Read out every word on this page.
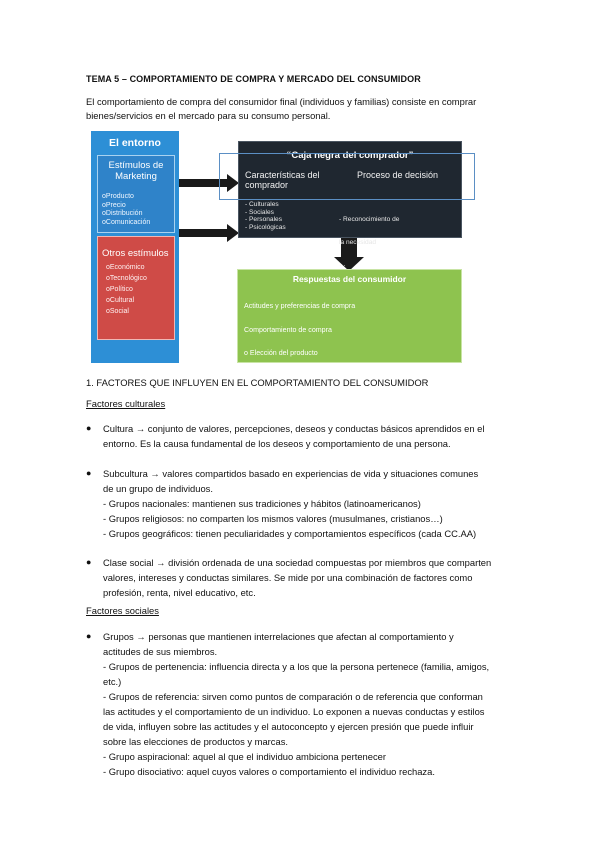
TEMA 5 – COMPORTAMIENTO DE COMPRA Y MERCADO DEL CONSUMIDOR

El comportamiento de compra del consumidor final (individuos y familias) consiste en comprar bienes/servicios en el mercado para su consumo personal.

El entorno
Estímulos de Marketing
oProducto
oPrecio
oDistribución
oComunicación
Otros estímulos
oEconómico
oTecnológico
oPolítico
oCultural
oSocial
“Caja negra del comprador”
Características del comprador
Proceso de decisión
- Culturales
- Sociales
- Personales
- Psicológicas

- Reconocimiento de

la necesidad

…

Respuestas del consumidor

Actitudes y preferencias de compra

Comportamiento de compra

o Elección del producto

1. FACTORES QUE INFLUYEN EN EL COMPORTAMIENTO DEL CONSUMIDOR
Factores culturales
●	Cultura → conjunto de valores, percepciones, deseos y conductas básicos aprendidos en el
entorno. Es la causa fundamental de los deseos y comportamiento de una persona.
●	Subcultura → valores compartidos basado en experiencias de vida y situaciones comunes
de un grupo de individuos.
- Grupos nacionales: mantienen sus tradiciones y hábitos (latinoamericanos)
- Grupos religiosos: no comparten los mismos valores (musulmanes, cristianos…)
- Grupos geográficos: tienen peculiaridades y comportamientos específicos (cada CC.AA)
●	Clase social → división ordenada de una sociedad compuestas por miembros que comparten
valores, intereses y conductas similares. Se mide por una combinación de factores como
profesión, renta, nivel educativo, etc.
Factores sociales
●	Grupos → personas que mantienen interrelaciones que afectan al comportamiento y
actitudes de sus miembros.
- Grupos de pertenencia: influencia directa y a los que la persona pertenece (familia, amigos,
etc.)
- Grupos de referencia: sirven como puntos de comparación o de referencia que conforman
las actitudes y el comportamiento de un individuo. Lo exponen a nuevas conductas y estilos
de vida, influyen sobre las actitudes y el autoconcepto y ejercen presión que puede influir
sobre las elecciones de productos y marcas.
- Grupo aspiracional: aquel al que el individuo ambiciona pertenecer
- Grupo disociativo: aquel cuyos valores o comportamiento el individuo rechaza.
